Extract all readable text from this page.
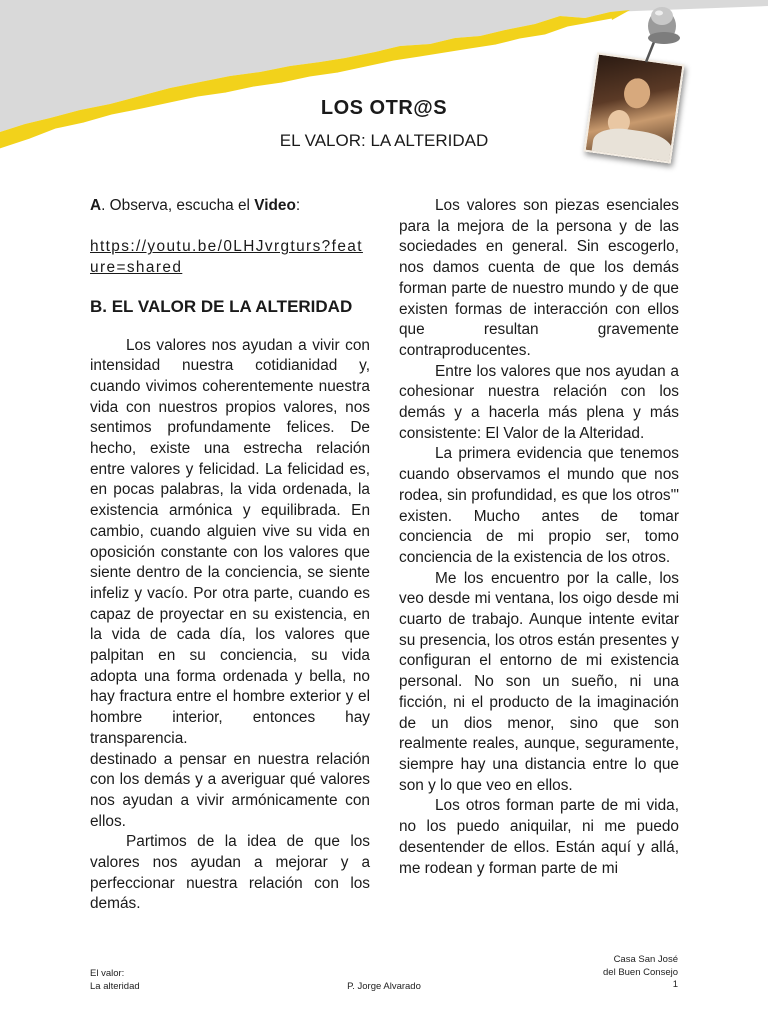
LOS OTR@S
EL VALOR: LA ALTERIDAD

A. Observa, escucha el Video:

https://youtu.be/0LHJvrgturs?feature=shared

B. EL VALOR DE LA ALTERIDAD

Los valores nos ayudan a vivir con intensidad nuestra cotidianidad y, cuando vivimos coherentemente nuestra vida con nuestros propios valores, nos sentimos profundamente felices. De hecho, existe una estrecha relación entre valores y felicidad. La felicidad es, en pocas palabras, la vida ordenada, la existencia armónica y equilibrada. En cambio, cuando alguien vive su vida en oposición constante con los valores que siente dentro de la conciencia, se siente infeliz y vacío. Por otra parte, cuando es capaz de proyectar en su existencia, en la vida de cada día, los valores que palpitan en su conciencia, su vida adopta una forma ordenada y bella, no hay fractura entre el hombre exterior y el hombre interior, entonces hay transparencia.

destinado a pensar en nuestra relación con los demás y a averiguar qué valores nos ayudan a vivir armónicamente con ellos.

Partimos de la idea de que los valores nos ayudan a mejorar y a perfeccionar nuestra relación con los demás.

Los valores son piezas esenciales para la mejora de la persona y de las sociedades en general. Sin escogerlo, nos damos cuenta de que los demás forman parte de nuestro mundo y de que existen formas de interacción con ellos que resultan gravemente contraproducentes.

Entre los valores que nos ayudan a cohesionar nuestra relación con los demás y a hacerla más plena y más consistente: El Valor de la Alteridad.

La primera evidencia que tenemos cuando observamos el mundo que nos rodea, sin profundidad, es que los otros'" existen. Mucho antes de tomar conciencia de mi propio ser, tomo conciencia de la existencia de los otros.

Me los encuentro por la calle, los veo desde mi ventana, los oigo desde mi cuarto de trabajo. Aunque intente evitar su presencia, los otros están presentes y configuran el entorno de mi existencia personal. No son un sueño, ni una ficción, ni el producto de la imaginación de un dios menor, sino que son realmente reales, aunque, seguramente, siempre hay una distancia entre lo que son y lo que veo en ellos.

Los otros forman parte de mi vida, no los puedo aniquilar, ni me puedo desentender de ellos. Están aquí y allá, me rodean y forman parte de mi

El valor:
La alteridad	P. Jorge Alvarado
Casa San José
del Buen Consejo
1
